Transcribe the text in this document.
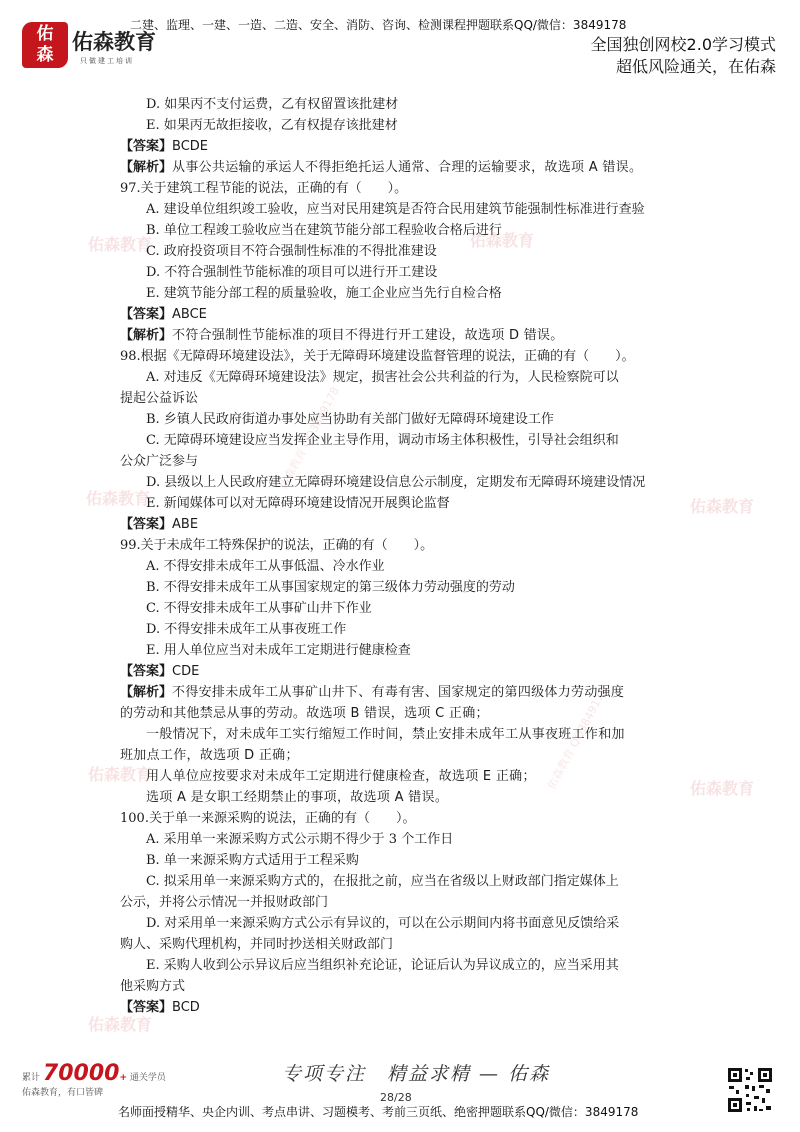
二建、监理、一建、一造、二造、安全、消防、咨询、检测课程押题联系QQ/微信：3849178
佑
森
佑森教育
只做建工培训
全国独创网校2.0学习模式
超低风险通关，在佑森
佑森教育
佑森教育
佑森教育
佑森教育
佑森教育
佑森教育
佑森教育
佑森教育 QQ3849178
佑森教育 QQ3849178

D. 如果丙不支付运费，乙有权留置该批建材

E. 如果丙无故拒接收，乙有权提存该批建材

【答案】BCDE

【解析】从事公共运输的承运人不得拒绝托运人通常、合理的运输要求，故选项 A 错误。

97.关于建筑工程节能的说法，正确的有（　　）。

A. 建设单位组织竣工验收，应当对民用建筑是否符合民用建筑节能强制性标准进行查验

B. 单位工程竣工验收应当在建筑节能分部工程验收合格后进行

C. 政府投资项目不符合强制性标准的不得批准建设

D. 不符合强制性节能标准的项目可以进行开工建设

E. 建筑节能分部工程的质量验收，施工企业应当先行自检合格

【答案】ABCE

【解析】不符合强制性节能标准的项目不得进行开工建设，故选项 D 错误。

98.根据《无障碍环境建设法》，关于无障碍环境建设监督管理的说法，正确的有（　　）。

A. 对违反《无障碍环境建设法》规定，损害社会公共利益的行为，人民检察院可以

提起公益诉讼

B. 乡镇人民政府街道办事处应当协助有关部门做好无障碍环境建设工作

C. 无障碍环境建设应当发挥企业主导作用，调动市场主体积极性，引导社会组织和

公众广泛参与

D. 县级以上人民政府建立无障碍环境建设信息公示制度，定期发布无障碍环境建设情况

E. 新闻媒体可以对无障碍环境建设情况开展舆论监督

【答案】ABE

99.关于未成年工特殊保护的说法，正确的有（　　）。

A. 不得安排未成年工从事低温、冷水作业

B. 不得安排未成年工从事国家规定的第三级体力劳动强度的劳动

C. 不得安排未成年工从事矿山井下作业

D. 不得安排未成年工从事夜班工作

E. 用人单位应当对未成年工定期进行健康检查

【答案】CDE

【解析】不得安排未成年工从事矿山井下、有毒有害、国家规定的第四级体力劳动强度

的劳动和其他禁忌从事的劳动。故选项 B 错误，选项 C 正确；

一般情况下，对未成年工实行缩短工作时间，禁止安排未成年工从事夜班工作和加

班加点工作，故选项 D 正确；

用人单位应按要求对未成年工定期进行健康检查，故选项 E 正确；

选项 A 是女职工经期禁止的事项，故选项 A 错误。

100.关于单一来源采购的说法，正确的有（　　）。

A. 采用单一来源采购方式公示期不得少于 3 个工作日

B. 单一来源采购方式适用于工程采购

C. 拟采用单一来源采购方式的，在报批之前，应当在省级以上财政部门指定媒体上

公示，并将公示情况一并报财政部门

D. 对采用单一来源采购方式公示有异议的，可以在公示期间内将书面意见反馈给采

购人、采购代理机构，并同时抄送相关财政部门

E. 采购人收到公示异议后应当组织补充论证，论证后认为异议成立的，应当采用其

他采购方式

【答案】BCD

累计 70000+ 通关学员
佑森教育，有口皆碑
专项专注　精益求精 — 佑森
28/28
名师面授精华、央企内训、考点串讲、习题模考、考前三页纸、绝密押题联系QQ/微信：3849178
